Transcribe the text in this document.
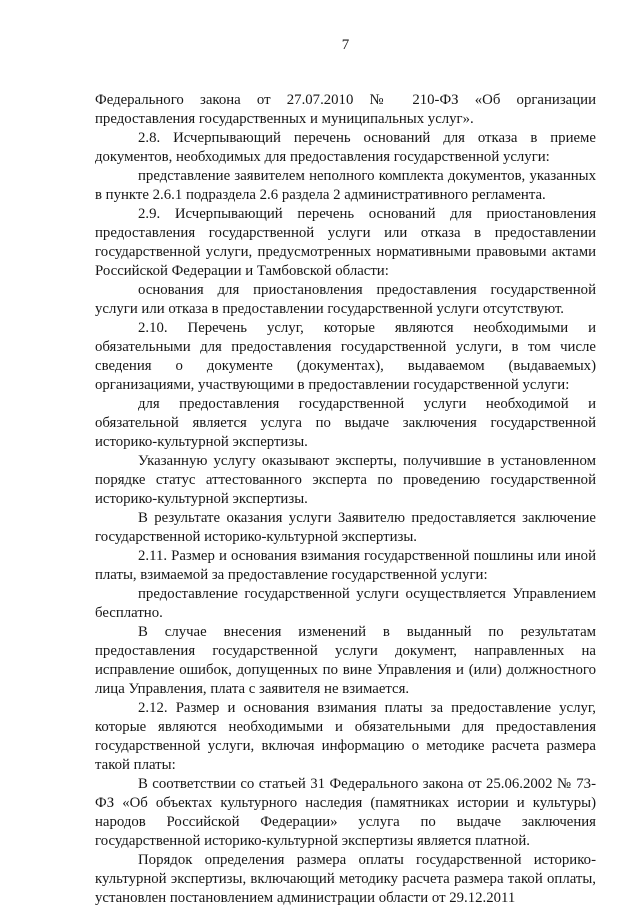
7

Федерального закона от 27.07.2010 № 210-ФЗ «Об организации предоставления государственных и муниципальных услуг».

2.8. Исчерпывающий перечень оснований для отказа в приеме документов, необходимых для предоставления государственной услуги:

представление заявителем неполного комплекта документов, указанных в пункте 2.6.1 подраздела 2.6 раздела 2 административного регламента.

2.9. Исчерпывающий перечень оснований для приостановления предоставления государственной услуги или отказа в предоставлении государственной услуги, предусмотренных нормативными правовыми актами Российской Федерации и Тамбовской области:

основания для приостановления предоставления государственной услуги или отказа в предоставлении государственной услуги отсутствуют.

2.10. Перечень услуг, которые являются необходимыми и обязательными для предоставления государственной услуги, в том числе сведения о документе (документах), выдаваемом (выдаваемых) организациями, участвующими в предоставлении государственной услуги:

для предоставления государственной услуги необходимой и обязательной является услуга по выдаче заключения государственной историко-культурной экспертизы.

Указанную услугу оказывают эксперты, получившие в установленном порядке статус аттестованного эксперта по проведению государственной историко-культурной экспертизы.

В результате оказания услуги Заявителю предоставляется заключение государственной историко-культурной экспертизы.

2.11. Размер и основания взимания государственной пошлины или иной платы, взимаемой за предоставление государственной услуги:

предоставление государственной услуги осуществляется Управлением бесплатно.

В случае внесения изменений в выданный по результатам предоставления государственной услуги документ, направленных на исправление ошибок, допущенных по вине Управления и (или) должностного лица Управления, плата с заявителя не взимается.

2.12. Размер и основания взимания платы за предоставление услуг, которые являются необходимыми и обязательными для предоставления государственной услуги, включая информацию о методике расчета размера такой платы:

В соответствии со статьей 31 Федерального закона от 25.06.2002 № 73-ФЗ «Об объектах культурного наследия (памятниках истории и культуры) народов Российской Федерации» услуга по выдаче заключения государственной историко-культурной экспертизы является платной.

Порядок определения размера оплаты государственной историко-культурной экспертизы, включающий методику расчета размера такой оплаты, установлен постановлением администрации области от 29.12.2011
